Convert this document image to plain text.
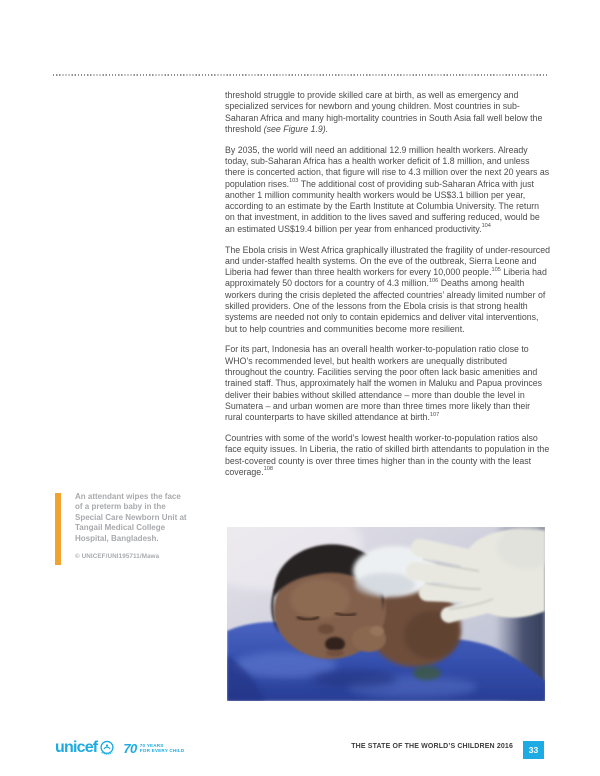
threshold struggle to provide skilled care at birth, as well as emergency and specialized services for newborn and young children. Most countries in sub-Saharan Africa and many high-mortality countries in South Asia fall well below the threshold (see Figure 1.9).

By 2035, the world will need an additional 12.9 million health workers. Already today, sub-Saharan Africa has a health worker deficit of 1.8 million, and unless there is concerted action, that figure will rise to 4.3 million over the next 20 years as population rises.$^{103}$ The additional cost of providing sub-Saharan Africa with just another 1 million community health workers would be US$3.1 billion per year, according to an estimate by the Earth Institute at Columbia University. The return on that investment, in addition to the lives saved and suffering reduced, would be an estimated US$19.4 billion per year from enhanced productivity.$^{104}$

The Ebola crisis in West Africa graphically illustrated the fragility of under-resourced and under-staffed health systems. On the eve of the outbreak, Sierra Leone and Liberia had fewer than three health workers for every 10,000 people.$^{105}$ Liberia had approximately 50 doctors for a country of 4.3 million.$^{106}$ Deaths among health workers during the crisis depleted the affected countries’ already limited number of skilled providers. One of the lessons from the Ebola crisis is that strong health systems are needed not only to contain epidemics and deliver vital interventions, but to help countries and communities become more resilient.

For its part, Indonesia has an overall health worker-to-population ratio close to WHO’s recommended level, but health workers are unequally distributed throughout the country. Facilities serving the poor often lack basic amenities and trained staff. Thus, approximately half the women in Maluku and Papua provinces deliver their babies without skilled attendance – more than double the level in Sumatera – and urban women are more than three times more likely than their rural counterparts to have skilled attendance at birth.$^{107}$

Countries with some of the world’s lowest health worker-to-population ratios also face equity issues. In Liberia, the ratio of skilled birth attendants to population in the best-covered county is over three times higher than in the county with the least coverage.$^{108}$

An attendant wipes the face of a preterm baby in the Special Care Newborn Unit at Tangail Medical College Hospital, Bangladesh.
© UNICEF/UNI195711/Mawa
unicef 70 70 YEARS
FOR EVERY CHILD
THE STATE OF THE WORLD’S CHILDREN 2016	33
